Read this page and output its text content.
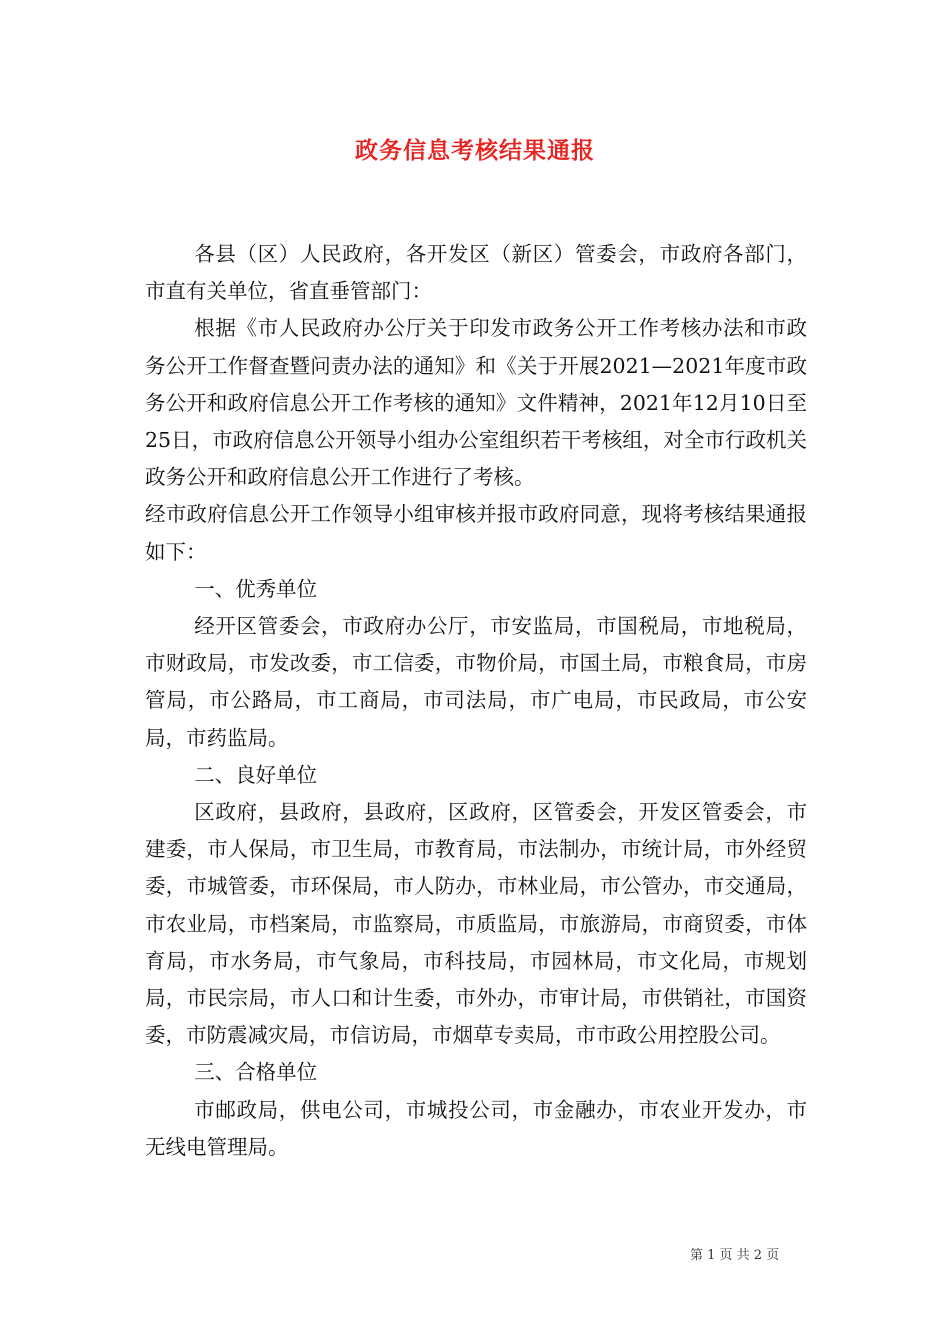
政务信息考核结果通报

各县（区）人民政府，各开发区（新区）管委会，市政府各部门，市直有关单位，省直垂管部门：

根据《市人民政府办公厅关于印发市政务公开工作考核办法和市政务公开工作督查暨问责办法的通知》和《关于开展2021—2021年度市政务公开和政府信息公开工作考核的通知》文件精神，2021年12月10日至25日，市政府信息公开领导小组办公室组织若干考核组，对全市行政机关政务公开和政府信息公开工作进行了考核。

经市政府信息公开工作领导小组审核并报市政府同意，现将考核结果通报如下：

一、优秀单位

经开区管委会，市政府办公厅，市安监局，市国税局，市地税局，市财政局，市发改委，市工信委，市物价局，市国土局，市粮食局，市房管局，市公路局，市工商局，市司法局，市广电局，市民政局，市公安局，市药监局。

二、良好单位

区政府，县政府，县政府，区政府，区管委会，开发区管委会，市建委，市人保局，市卫生局，市教育局，市法制办，市统计局，市外经贸委，市城管委，市环保局，市人防办，市林业局，市公管办，市交通局，市农业局，市档案局，市监察局，市质监局，市旅游局，市商贸委，市体育局，市水务局，市气象局，市科技局，市园林局，市文化局，市规划局，市民宗局，市人口和计生委，市外办，市审计局，市供销社，市国资委，市防震减灾局，市信访局，市烟草专卖局，市市政公用控股公司。

三、合格单位

市邮政局，供电公司，市城投公司，市金融办，市农业开发办，市无线电管理局。

第 1 页 共 2 页
